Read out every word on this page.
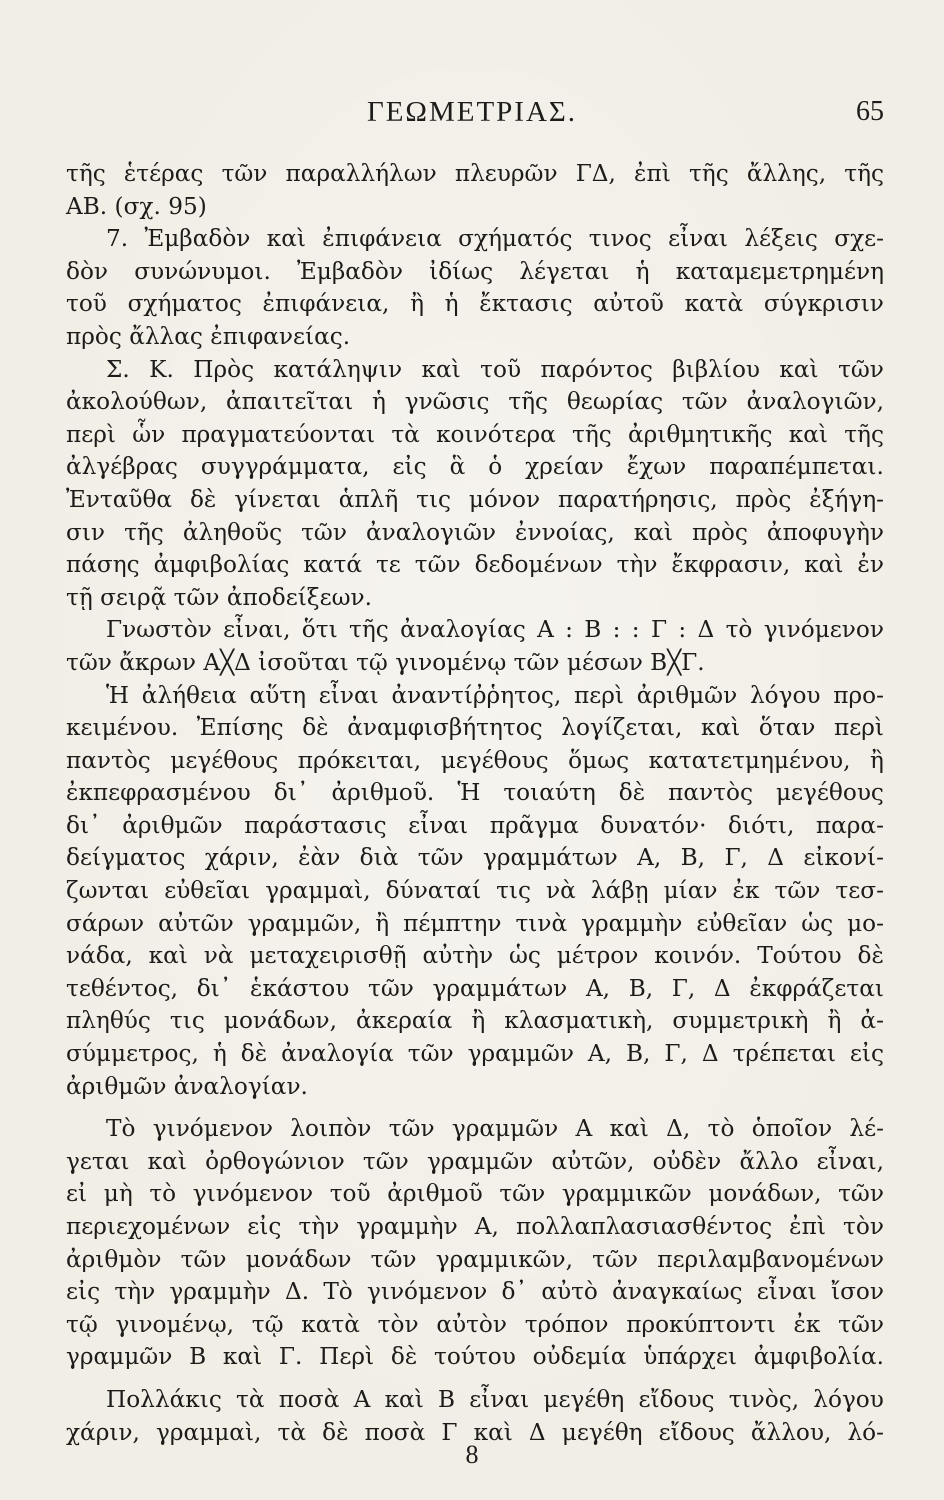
ΓΕΩΜΕΤΡΙΑΣ.	65
τῆς ἑτέρας τῶν παραλλήλων πλευρῶν ΓΔ, ἐπὶ τῆς ἄλλης, τῆς
ΑΒ. (σχ. 95)
7. Ἐμβαδὸν καὶ ἐπιφάνεια σχήματός τινος εἶναι λέξεις σχε-
δὸν συνώνυμοι. Ἐμβαδὸν ἰδίως λέγεται ἡ καταμεμετρημένη
τοῦ σχήματος ἐπιφάνεια, ἢ ἡ ἔκτασις αὐτοῦ κατὰ σύγκρισιν
πρὸς ἄλλας ἐπιφανείας.
Σ. Κ. Πρὸς κατάληψιν καὶ τοῦ παρόντος βιβλίου καὶ τῶν
ἀκολούθων, ἀπαιτεῖται ἡ γνῶσις τῆς θεωρίας τῶν ἀναλογιῶν,
περὶ ὧν πραγματεύονται τὰ κοινότερα τῆς ἀριθμητικῆς καὶ τῆς
ἀλγέβρας συγγράμματα, εἰς ἃ ὁ χρείαν ἔχων παραπέμπεται.
Ἐνταῦθα δὲ γίνεται ἁπλῆ τις μόνον παρατήρησις, πρὸς ἐξήγη-
σιν τῆς ἀληθοῦς τῶν ἀναλογιῶν ἐννοίας, καὶ πρὸς ἀποφυγὴν
πάσης ἀμφιβολίας κατά τε τῶν δεδομένων τὴν ἔκφρασιν, καὶ ἐν
τῇ σειρᾷ τῶν ἀποδείξεων.
Γνωστὸν εἶναι, ὅτι τῆς ἀναλογίας Α : Β : : Γ : Δ τὸ γινόμενον
τῶν ἄκρων Α╳Δ ἰσοῦται τῷ γινομένῳ τῶν μέσων Β╳Γ.
Ἡ ἀλήθεια αὕτη εἶναι ἀναντίῤῥητος, περὶ ἀριθμῶν λόγου προ-
κειμένου. Ἐπίσης δὲ ἀναμφισβήτητος λογίζεται, καὶ ὅταν περὶ
παντὸς μεγέθους πρόκειται, μεγέθους ὅμως κατατετμημένου, ἢ
ἐκπεφρασμένου δι᾽ ἀριθμοῦ. Ἡ τοιαύτη δὲ παντὸς μεγέθους
δι᾽ ἀριθμῶν παράστασις εἶναι πρᾶγμα δυνατόν· διότι, παρα-
δείγματος χάριν, ἐὰν διὰ τῶν γραμμάτων Α, Β, Γ, Δ εἰκονί-
ζωνται εὐθεῖαι γραμμαὶ, δύναταί τις νὰ λάβῃ μίαν ἐκ τῶν τεσ-
σάρων αὐτῶν γραμμῶν, ἢ πέμπτην τινὰ γραμμὴν εὐθεῖαν ὡς μο-
νάδα, καὶ νὰ μεταχειρισθῇ αὐτὴν ὡς μέτρον κοινόν. Τούτου δὲ
τεθέντος, δι᾽ ἑκάστου τῶν γραμμάτων Α, Β, Γ, Δ ἐκφράζεται
πληθύς τις μονάδων, ἀκεραία ἢ κλασματικὴ, συμμετρικὴ ἢ ἀ-
σύμμετρος, ἡ δὲ ἀναλογία τῶν γραμμῶν Α, Β, Γ, Δ τρέπεται εἰς
ἀριθμῶν ἀναλογίαν.
Τὸ γινόμενον λοιπὸν τῶν γραμμῶν Α καὶ Δ, τὸ ὁποῖον λέ-
γεται καὶ ὀρθογώνιον τῶν γραμμῶν αὐτῶν, οὐδὲν ἄλλο εἶναι,
εἰ μὴ τὸ γινόμενον τοῦ ἀριθμοῦ τῶν γραμμικῶν μονάδων, τῶν
περιεχομένων εἰς τὴν γραμμὴν Α, πολλαπλασιασθέντος ἐπὶ τὸν
ἀριθμὸν τῶν μονάδων τῶν γραμμικῶν, τῶν περιλαμβανομένων
εἰς τὴν γραμμὴν Δ. Τὸ γινόμενον δ᾽ αὐτὸ ἀναγκαίως εἶναι ἴσον
τῷ γινομένῳ, τῷ κατὰ τὸν αὐτὸν τρόπον προκύπτοντι ἐκ τῶν
γραμμῶν Β καὶ Γ. Περὶ δὲ τούτου οὐδεμία ὑπάρχει ἀμφιβολία.
Πολλάκις τὰ ποσὰ Α καὶ Β εἶναι μεγέθη εἴδους τινὸς, λόγου
χάριν, γραμμαὶ, τὰ δὲ ποσὰ Γ καὶ Δ μεγέθη εἴδους ἄλλου, λό-
8
